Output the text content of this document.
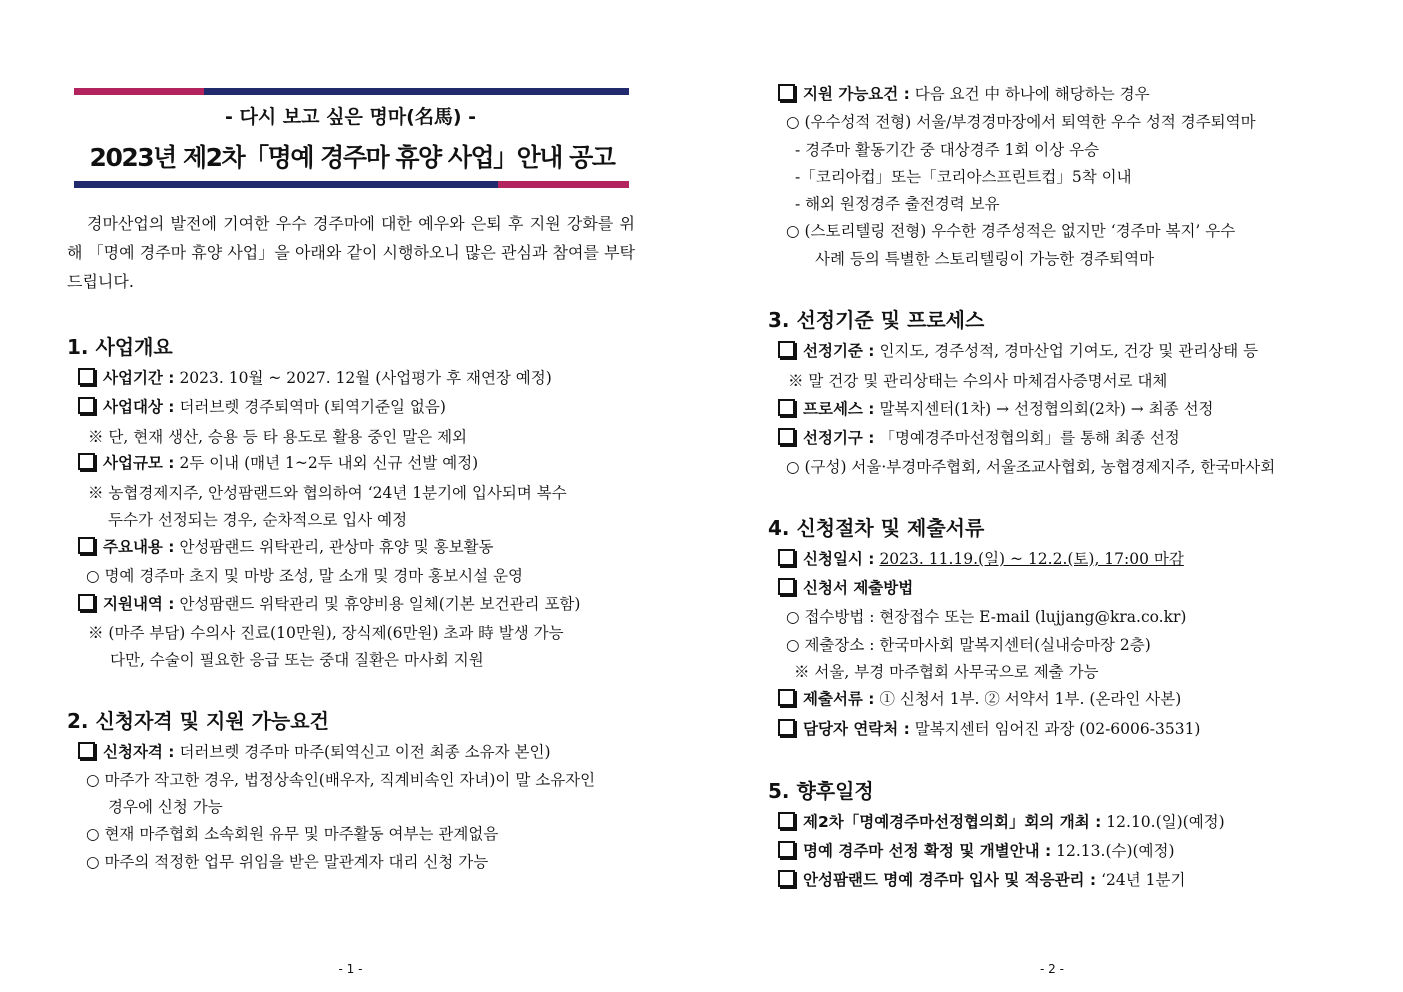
- 다시 보고 싶은 명마(名馬) -
2023년 제2차「명예 경주마 휴양 사업」안내 공고
경마산업의 발전에 기여한 우수 경주마에 대한 예우와 은퇴 후 지원 강화를 위해 「명예 경주마 휴양 사업」을 아래와 같이 시행하오니 많은 관심과 참여를 부탁드립니다.
1. 사업개요
사업기간 : 2023. 10월 ~ 2027. 12월 (사업평가 후 재연장 예정)
사업대상 : 더러브렛 경주퇴역마 (퇴역기준일 없음)
※ 단, 현재 생산, 승용 등 타 용도로 활용 중인 말은 제외
사업규모 : 2두 이내 (매년 1~2두 내외 신규 선발 예정)
※ 농협경제지주, 안성팜랜드와 협의하여 ‘24년 1분기에 입사되며 복수
두수가 선정되는 경우, 순차적으로 입사 예정
주요내용 : 안성팜랜드 위탁관리, 관상마 휴양 및 홍보활동
○ 명예 경주마 초지 및 마방 조성, 말 소개 및 경마 홍보시설 운영
지원내역 : 안성팜랜드 위탁관리 및 휴양비용 일체(기본 보건관리 포함)
※ (마주 부담) 수의사 진료(10만원), 장식제(6만원) 초과 時 발생 가능
다만, 수술이 필요한 응급 또는 중대 질환은 마사회 지원
2. 신청자격 및 지원 가능요건
신청자격 : 더러브렛 경주마 마주(퇴역신고 이전 최종 소유자 본인)
○ 마주가 작고한 경우, 법정상속인(배우자, 직계비속인 자녀)이 말 소유자인
경우에 신청 가능
○ 현재 마주협회 소속회원 유무 및 마주활동 여부는 관계없음
○ 마주의 적정한 업무 위임을 받은 말관계자 대리 신청 가능
- 1 -
지원 가능요건 : 다음 요건 中 하나에 해당하는 경우
○ (우수성적 전형) 서울/부경경마장에서 퇴역한 우수 성적 경주퇴역마
- 경주마 활동기간 중 대상경주 1회 이상 우승
-「코리아컵」또는「코리아스프린트컵」5착 이내
- 해외 원정경주 출전경력 보유
○ (스토리텔링 전형) 우수한 경주성적은 없지만 ‘경주마 복지’ 우수
사례 등의 특별한 스토리텔링이 가능한 경주퇴역마
3. 선정기준 및 프로세스
선정기준 : 인지도, 경주성적, 경마산업 기여도, 건강 및 관리상태 등
※ 말 건강 및 관리상태는 수의사 마체검사증명서로 대체
프로세스 : 말복지센터(1차) → 선정협의회(2차) → 최종 선정
선정기구 : 「명예경주마선정협의회」를 통해 최종 선정
○ (구성) 서울·부경마주협회, 서울조교사협회, 농협경제지주, 한국마사회
4. 신청절차 및 제출서류
신청일시 : 2023. 11.19.(일) ~ 12.2.(토), 17:00 마감
신청서 제출방법
○ 접수방법 : 현장접수 또는 E-mail (lujjang@kra.co.kr)
○ 제출장소 : 한국마사회 말복지센터(실내승마장 2층)
※ 서울, 부경 마주협회 사무국으로 제출 가능
제출서류 : ① 신청서 1부. ② 서약서 1부. (온라인 사본)
담당자 연락처 : 말복지센터 임어진 과장 (02-6006-3531)
5. 향후일정
제2차「명예경주마선정협의회」회의 개최 : 12.10.(일)(예정)
명예 경주마 선정 확정 및 개별안내 : 12.13.(수)(예정)
안성팜랜드 명예 경주마 입사 및 적응관리 : ‘24년 1분기
- 2 -
